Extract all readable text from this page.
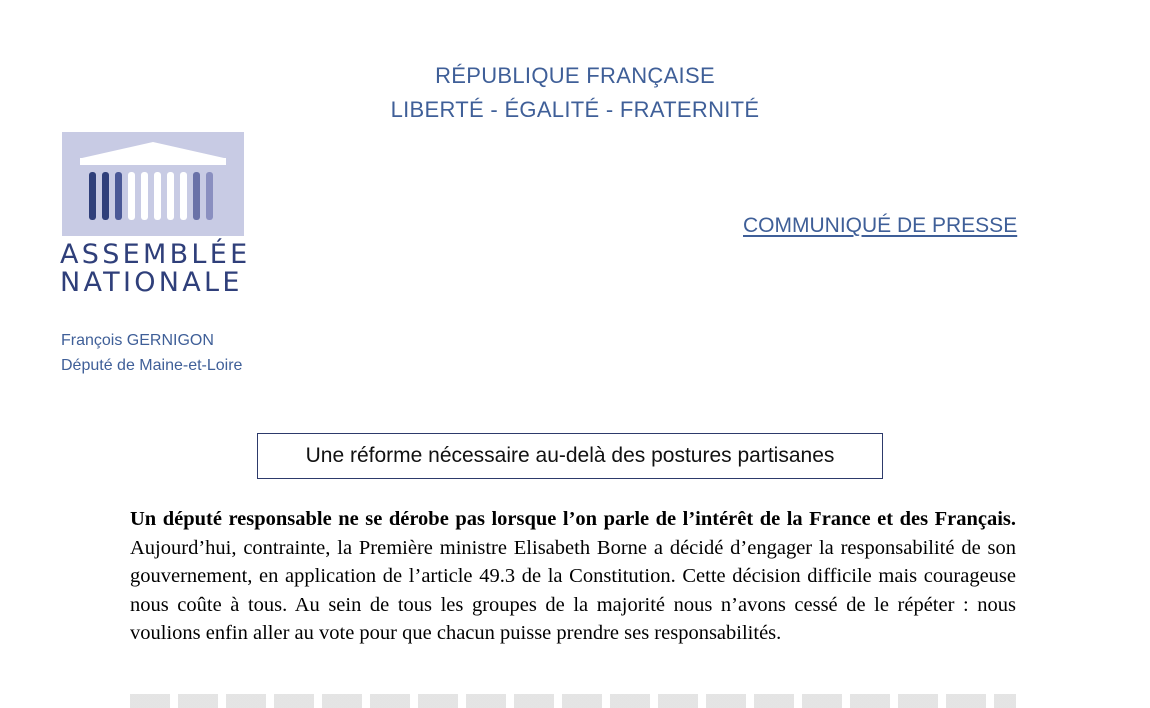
RÉPUBLIQUE FRANÇAISE
LIBERTÉ - ÉGALITÉ - FRATERNITÉ
ASSEMBLÉE
NATIONALE
COMMUNIQUÉ DE PRESSE
François GERNIGON
Député de Maine-et-Loire
Une réforme nécessaire au-delà des postures partisanes
Un député responsable ne se dérobe pas lorsque l’on parle de l’intérêt de la France et des Français. Aujourd’hui, contrainte, la Première ministre Elisabeth Borne a décidé d’engager la responsabilité de son gouvernement, en application de l’article 49.3 de la Constitution. Cette décision difficile mais courageuse nous coûte à tous. Au sein de tous les groupes de la majorité nous n’avons cessé de le répéter : nous voulions enfin aller au vote pour que chacun puisse prendre ses responsabilités.
